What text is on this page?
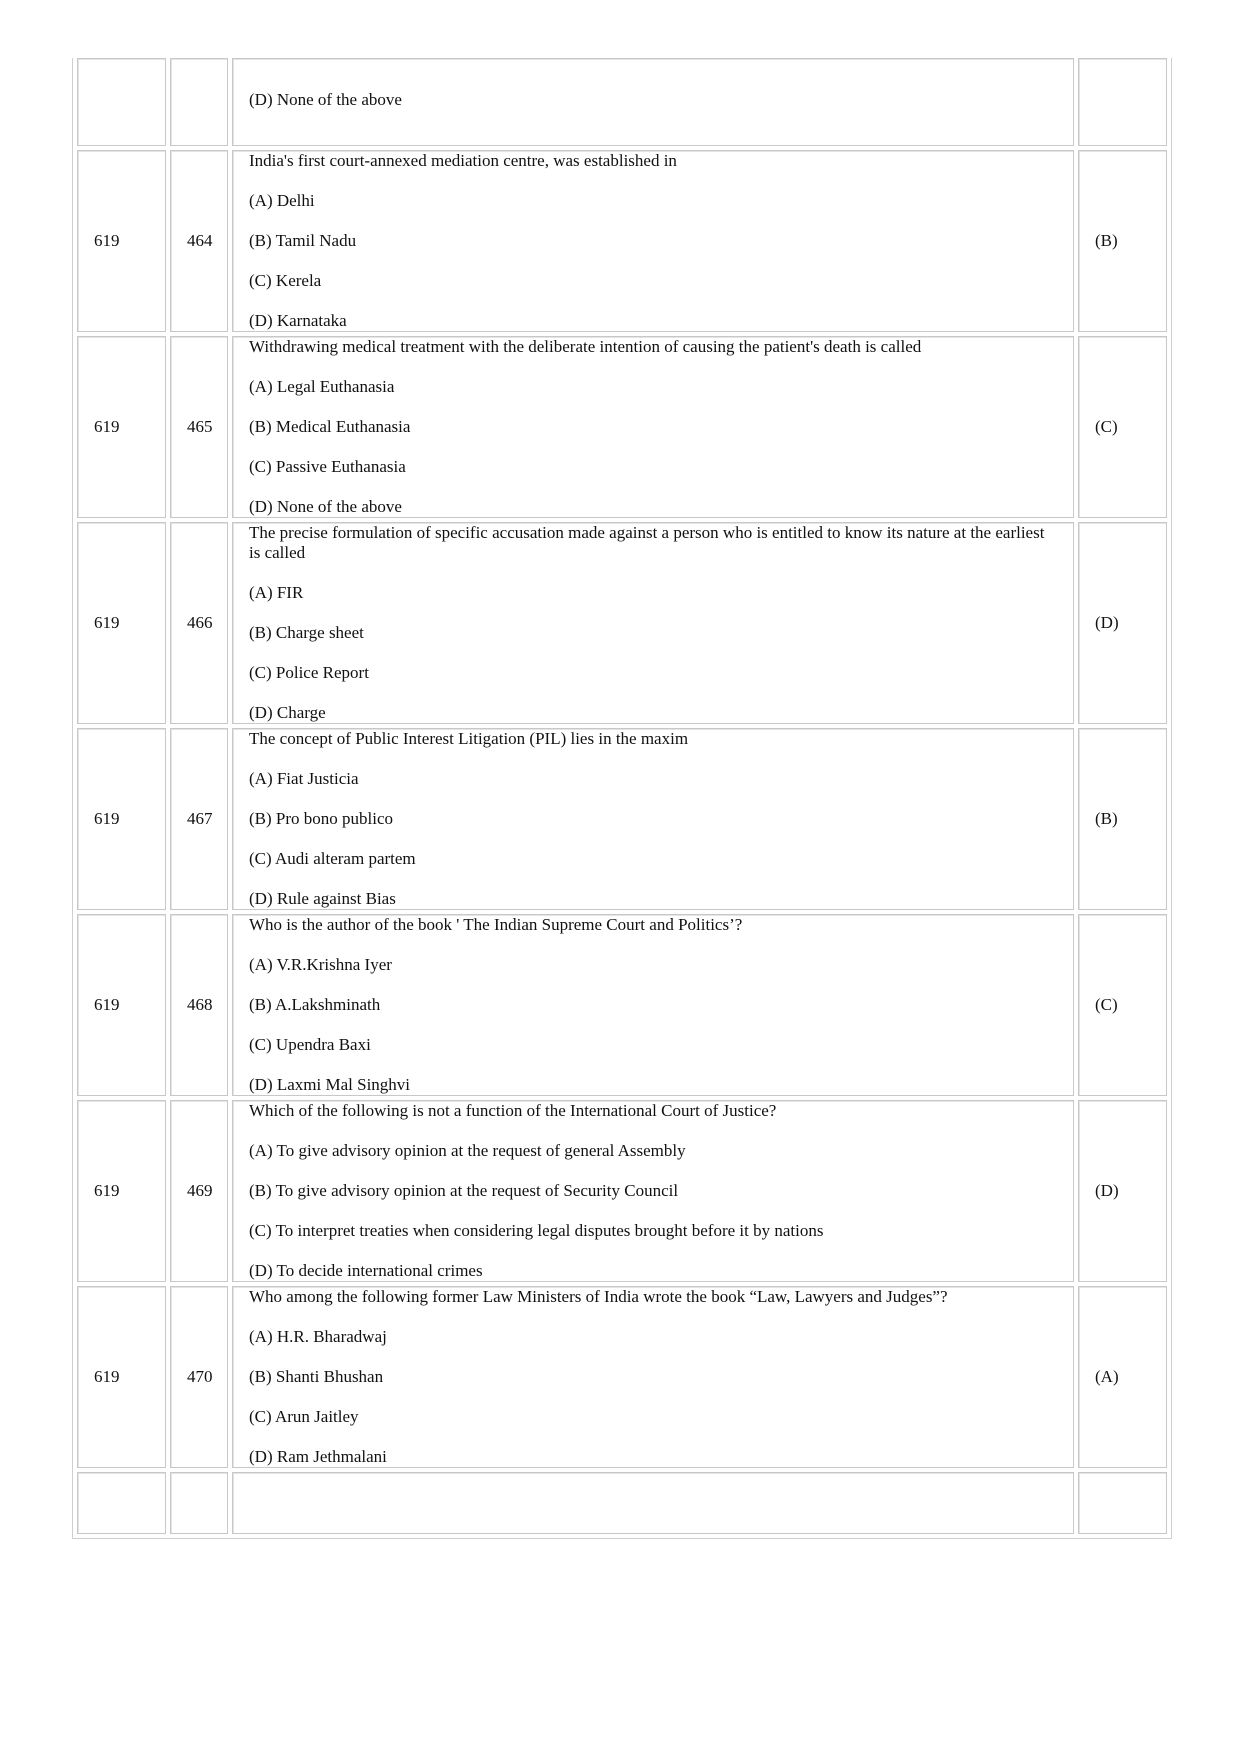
		(D) None of the above	

619	464	India's first court-annexed mediation centre, was established in

(A) Delhi

(B) Tamil Nadu

(C) Kerela

(D) Karnataka	(B)
619	465	Withdrawing medical treatment with the deliberate intention of causing the patient's death is called

(A) Legal Euthanasia

(B) Medical Euthanasia

(C) Passive Euthanasia

(D) None of the above	(C)
619	466	The precise formulation of specific accusation made against a person who is entitled to know its nature at the earliest is called

(A) FIR

(B) Charge sheet

(C) Police Report

(D) Charge	(D)
619	467	The concept of Public Interest Litigation (PIL) lies in the maxim

(A) Fiat Justicia

(B) Pro bono publico

(C) Audi alteram partem

(D) Rule against Bias	(B)
619	468	Who is the author of the book ' The Indian Supreme Court and Politics’?

(A) V.R.Krishna Iyer

(B) A.Lakshminath

(C) Upendra Baxi

(D) Laxmi Mal Singhvi	(C)
619	469	Which of the following is not a function of the International Court of Justice?

(A) To give advisory opinion at the request of general Assembly

(B) To give advisory opinion at the request of Security Council

(C) To interpret treaties when considering legal disputes brought before it by nations

(D) To decide international crimes	(D)
619	470	Who among the following former Law Ministers of India wrote the book “Law, Lawyers and Judges”?

(A) H.R. Bharadwaj

(B) Shanti Bhushan

(C) Arun Jaitley

(D) Ram Jethmalani	(A)
